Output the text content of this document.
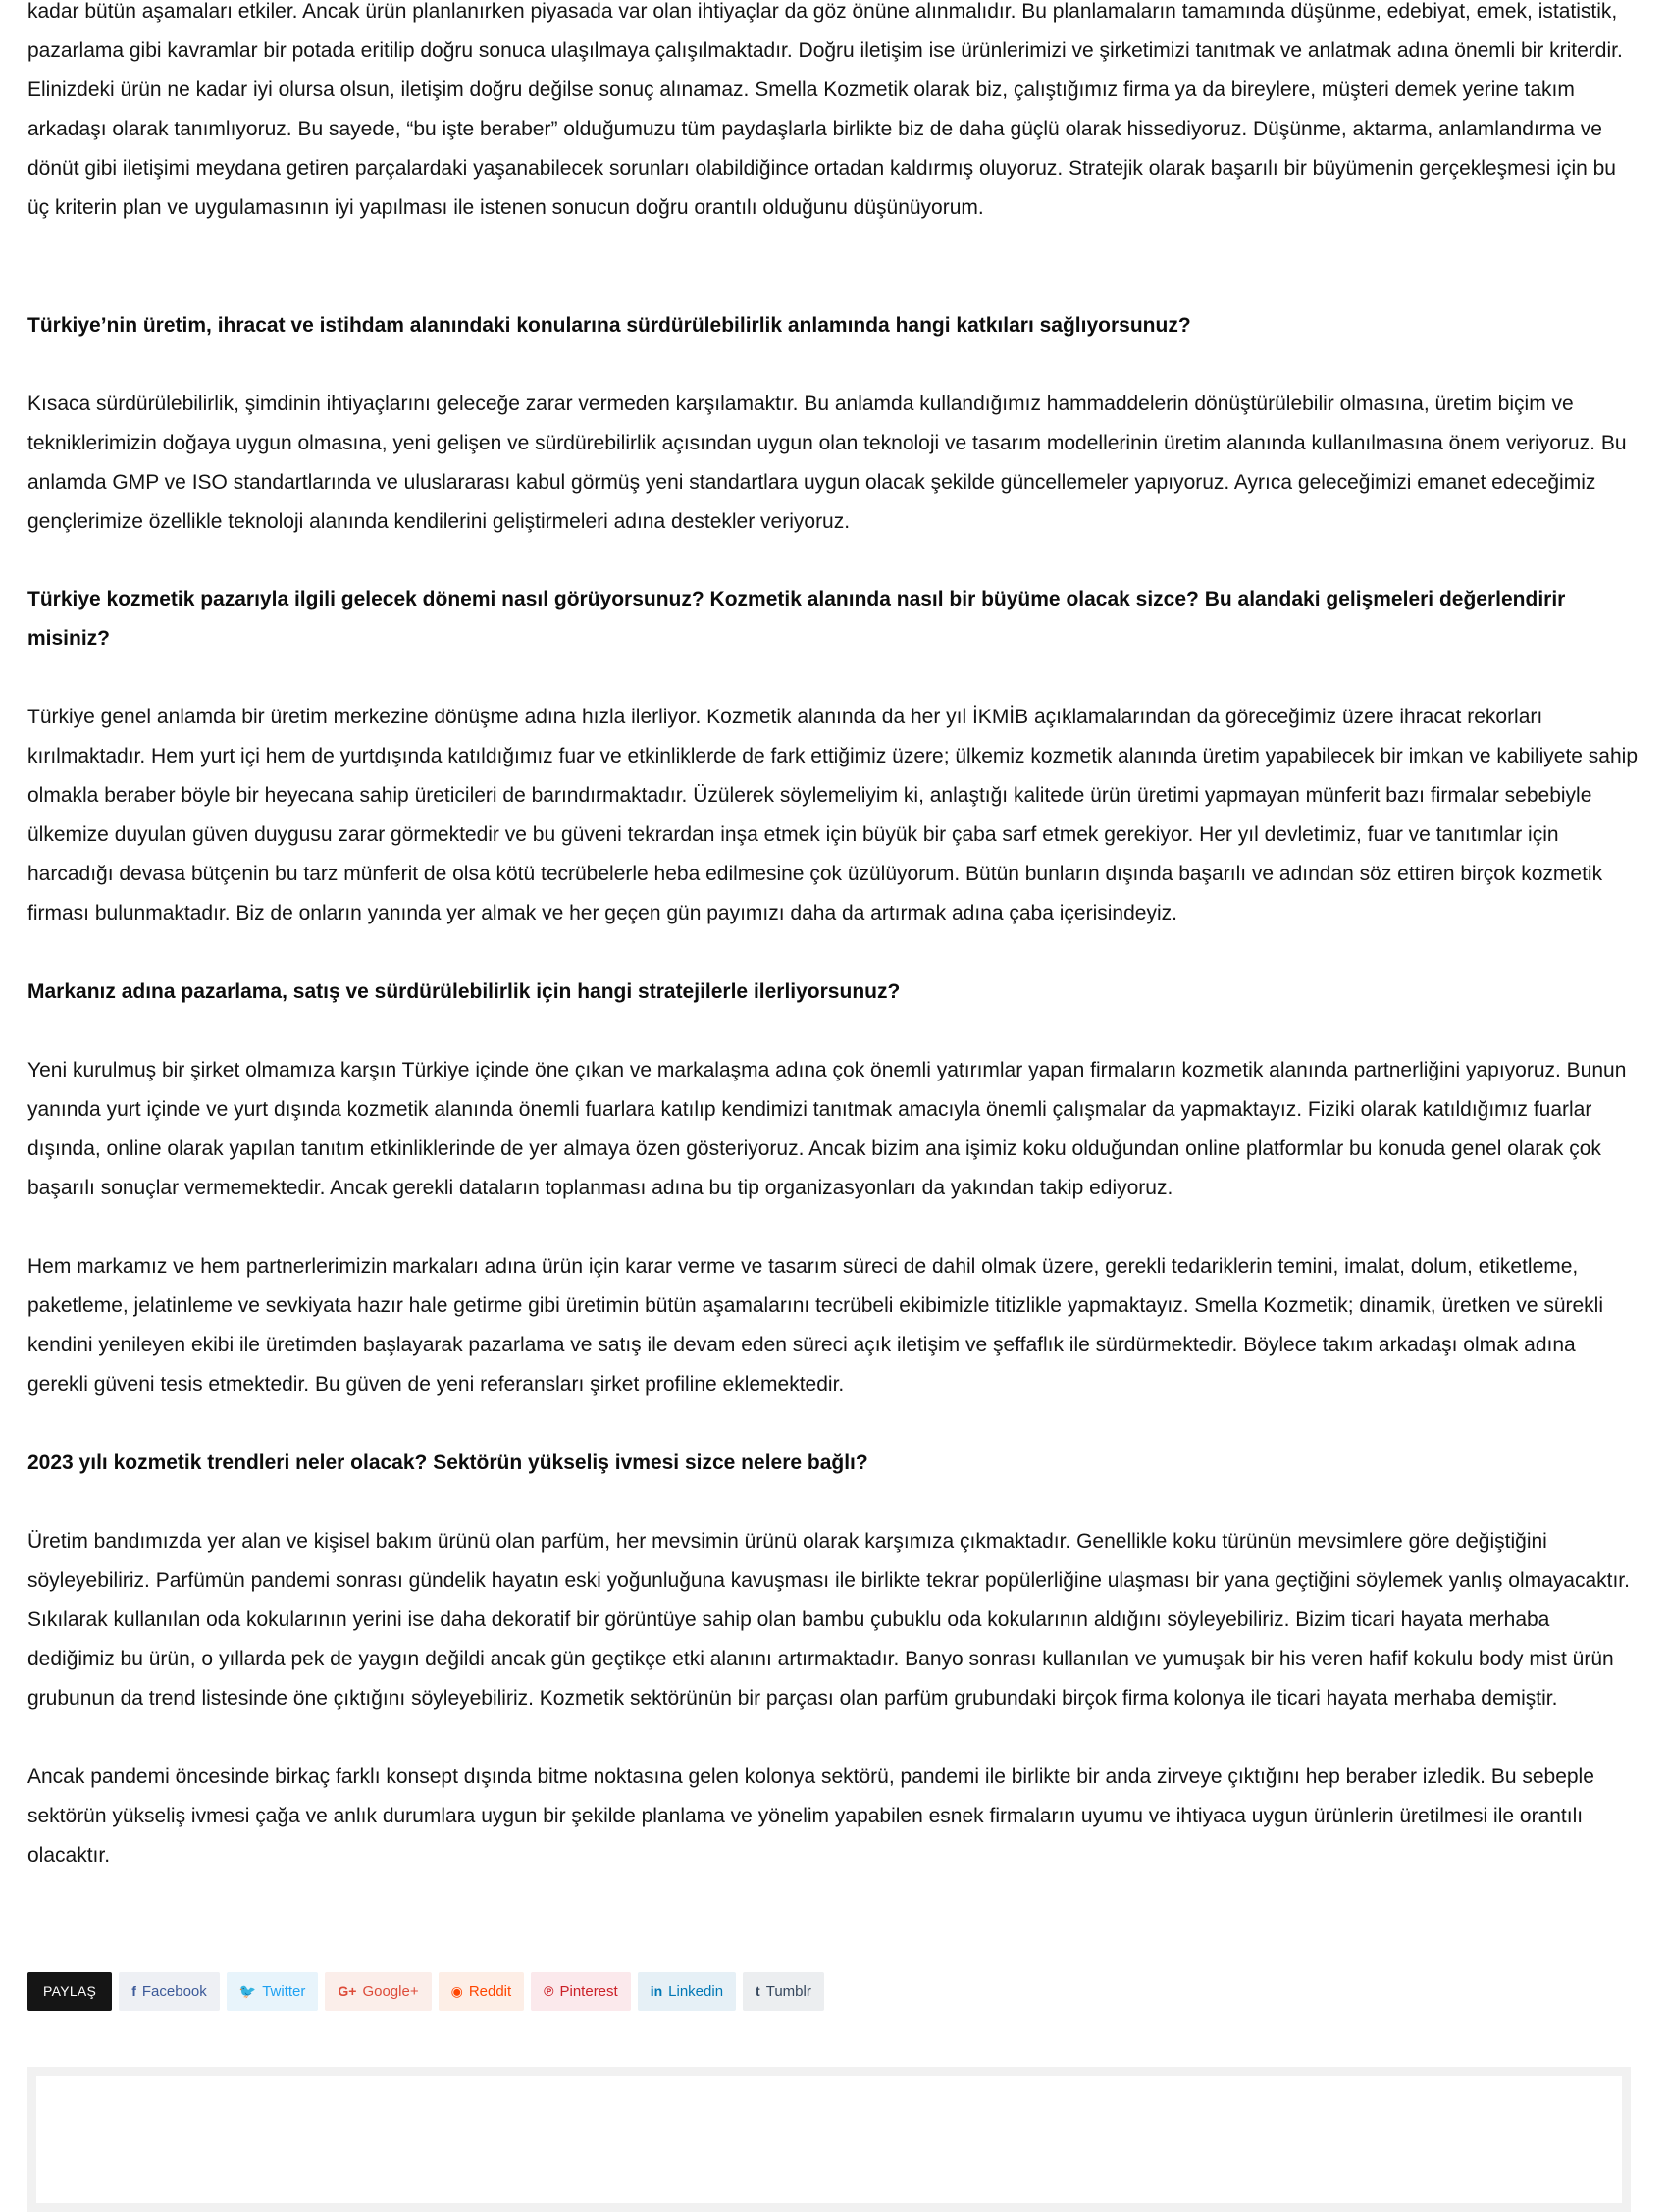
kadar bütün aşamaları etkiler. Ancak ürün planlanırken piyasada var olan ihtiyaçlar da göz önüne alınmalıdır. Bu planlamaların tamamında düşünme, edebiyat, emek, istatistik, pazarlama gibi kavramlar bir potada eritilip doğru sonuca ulaşılmaya çalışılmaktadır. Doğru iletişim ise ürünlerimizi ve şirketimizi tanıtmak ve anlatmak adına önemli bir kriterdir. Elinizdeki ürün ne kadar iyi olursa olsun, iletişim doğru değilse sonuç alınamaz. Smella Kozmetik olarak biz, çalıştığımız firma ya da bireylere, müşteri demek yerine takım arkadaşı olarak tanımlıyoruz. Bu sayede, “bu işte beraber” olduğumuzu tüm paydaşlarla birlikte biz de daha güçlü olarak hissediyoruz. Düşünme, aktarma, anlamlandırma ve dönüt gibi iletişimi meydana getiren parçalardaki yaşanabilecek sorunları olabildiğince ortadan kaldırmış oluyoruz. Stratejik olarak başarılı bir büyümenin gerçekleşmesi için bu üç kriterin plan ve uygulamasının iyi yapılması ile istenen sonucun doğru orantılı olduğunu düşünüyorum.

Türkiye’nin üretim, ihracat ve istihdam alanındaki konularına sürdürülebilirlik anlamında hangi katkıları sağlıyorsunuz?

Kısaca sürdürülebilirlik, şimdinin ihtiyaçlarını geleceğe zarar vermeden karşılamaktır. Bu anlamda kullandığımız hammaddelerin dönüştürülebilir olmasına, üretim biçim ve tekniklerimizin doğaya uygun olmasına, yeni gelişen ve sürdürebilirlik açısından uygun olan teknoloji ve tasarım modellerinin üretim alanında kullanılmasına önem veriyoruz. Bu anlamda GMP ve ISO standartlarında ve uluslararası kabul görmüş yeni standartlara uygun olacak şekilde güncellemeler yapıyoruz. Ayrıca geleceğimizi emanet edeceğimiz gençlerimize özellikle teknoloji alanında kendilerini geliştirmeleri adına destekler veriyoruz.

Türkiye kozmetik pazarıyla ilgili gelecek dönemi nasıl görüyorsunuz? Kozmetik alanında nasıl bir büyüme olacak sizce? Bu alandaki gelişmeleri değerlendirir misiniz?

Türkiye genel anlamda bir üretim merkezine dönüşme adına hızla ilerliyor. Kozmetik alanında da her yıl İKMİB açıklamalarından da göreceğimiz üzere ihracat rekorları kırılmaktadır. Hem yurt içi hem de yurtdışında katıldığımız fuar ve etkinliklerde de fark ettiğimiz üzere; ülkemiz kozmetik alanında üretim yapabilecek bir imkan ve kabiliyete sahip olmakla beraber böyle bir heyecana sahip üreticileri de barındırmaktadır. Üzülerek söylemeliyim ki, anlaştığı kalitede ürün üretimi yapmayan münferit bazı firmalar sebebiyle ülkemize duyulan güven duygusu zarar görmektedir ve bu güveni tekrardan inşa etmek için büyük bir çaba sarf etmek gerekiyor. Her yıl devletimiz, fuar ve tanıtımlar için harcadığı devasa bütçenin bu tarz münferit de olsa kötü tecrübelerle heba edilmesine çok üzülüyorum. Bütün bunların dışında başarılı ve adından söz ettiren birçok kozmetik firması bulunmaktadır. Biz de onların yanında yer almak ve her geçen gün payımızı daha da artırmak adına çaba içerisindeyiz.

Markanız adına pazarlama, satış ve sürdürülebilirlik için hangi stratejilerle ilerliyorsunuz?

Yeni kurulmuş bir şirket olmamıza karşın Türkiye içinde öne çıkan ve markalaşma adına çok önemli yatırımlar yapan firmaların kozmetik alanında partnerliğini yapıyoruz. Bunun yanında yurt içinde ve yurt dışında kozmetik alanında önemli fuarlara katılıp kendimizi tanıtmak amacıyla önemli çalışmalar da yapmaktayız. Fiziki olarak katıldığımız fuarlar dışında, online olarak yapılan tanıtım etkinliklerinde de yer almaya özen gösteriyoruz. Ancak bizim ana işimiz koku olduğundan online platformlar bu konuda genel olarak çok başarılı sonuçlar vermemektedir. Ancak gerekli dataların toplanması adına bu tip organizasyonları da yakından takip ediyoruz.

Hem markamız ve hem partnerlerimizin markaları adına ürün için karar verme ve tasarım süreci de dahil olmak üzere, gerekli tedariklerin temini, imalat, dolum, etiketleme, paketleme, jelatinleme ve sevkiyata hazır hale getirme gibi üretimin bütün aşamalarını tecrübeli ekibimizle titizlikle yapmaktayız. Smella Kozmetik; dinamik, üretken ve sürekli kendini yenileyen ekibi ile üretimden başlayarak pazarlama ve satış ile devam eden süreci açık iletişim ve şeffaflık ile sürdürmektedir. Böylece takım arkadaşı olmak adına gerekli güveni tesis etmektedir. Bu güven de yeni referansları şirket profiline eklemektedir.

2023 yılı kozmetik trendleri neler olacak? Sektörün yükseliş ivmesi sizce nelere bağlı?

Üretim bandımızda yer alan ve kişisel bakım ürünü olan parfüm, her mevsimin ürünü olarak karşımıza çıkmaktadır. Genellikle koku türünün mevsimlere göre değiştiğini söyleyebiliriz. Parfümün pandemi sonrası gündelik hayatın eski yoğunluğuna kavuşması ile birlikte tekrar popülerliğine ulaşması bir yana geçtiğini söylemek yanlış olmayacaktır. Sıkılarak kullanılan oda kokularının yerini ise daha dekoratif bir görüntüye sahip olan bambu çubuklu oda kokularının aldığını söyleyebiliriz. Bizim ticari hayata merhaba dediğimiz bu ürün, o yıllarda pek de yaygın değildi ancak gün geçtikçe etki alanını artırmaktadır. Banyo sonrası kullanılan ve yumuşak bir his veren hafif kokulu body mist ürün grubunun da trend listesinde öne çıktığını söyleyebiliriz. Kozmetik sektörünün bir parçası olan parfüm grubundaki birçok firma kolonya ile ticari hayata merhaba demiştir.

Ancak pandemi öncesinde birkaç farklı konsept dışında bitme noktasına gelen kolonya sektörü, pandemi ile birlikte bir anda zirveye çıktığını hep beraber izledik. Bu sebeple sektörün yükseliş ivmesi çağa ve anlık durumlara uygun bir şekilde planlama ve yönelim yapabilen esnek firmaların uyumu ve ihtiyaca uygun ürünlerin üretilmesi ile orantılı olacaktır.

PAYLAŞ	f Facebook 🐦 Twitter G+ Google+ ◉ Reddit ℗ Pinterest in Linkedin t Tumblr
